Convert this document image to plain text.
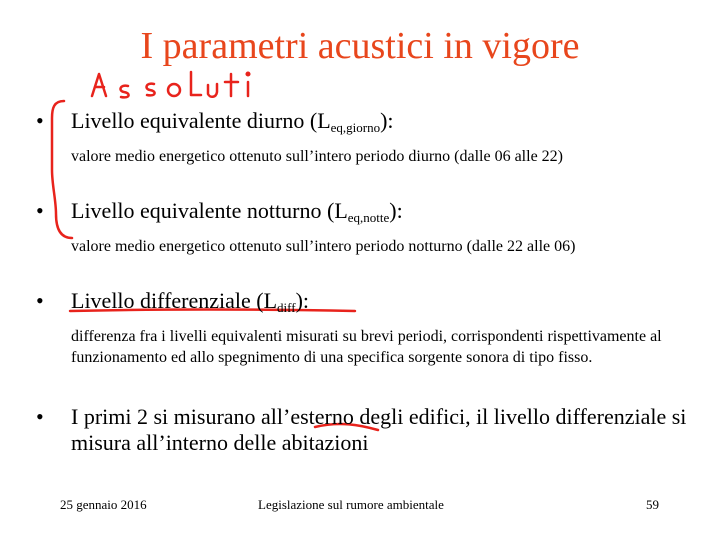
I parametri acustici in vigore
• Livello equivalente diurno $(L_{eq,giorno})$:
valore medio energetico ottenuto sull’intero periodo diurno (dalle 06 alle 22)
• Livello equivalente notturno $(L_{eq,notte})$:
valore medio energetico ottenuto sull’intero periodo notturno (dalle 22 alle 06)
• Livello differenziale $(L_{diff})$:
differenza fra i livelli equivalenti misurati su brevi periodi, corrispondenti rispettivamente al funzionamento ed allo spegnimento di una specifica sorgente sonora di tipo fisso.
• I primi 2 si misurano all’esterno degli edifici, il livello differenziale si misura all’interno delle abitazioni
25 gennaio 2016	Legislazione sul rumore ambientale	59
